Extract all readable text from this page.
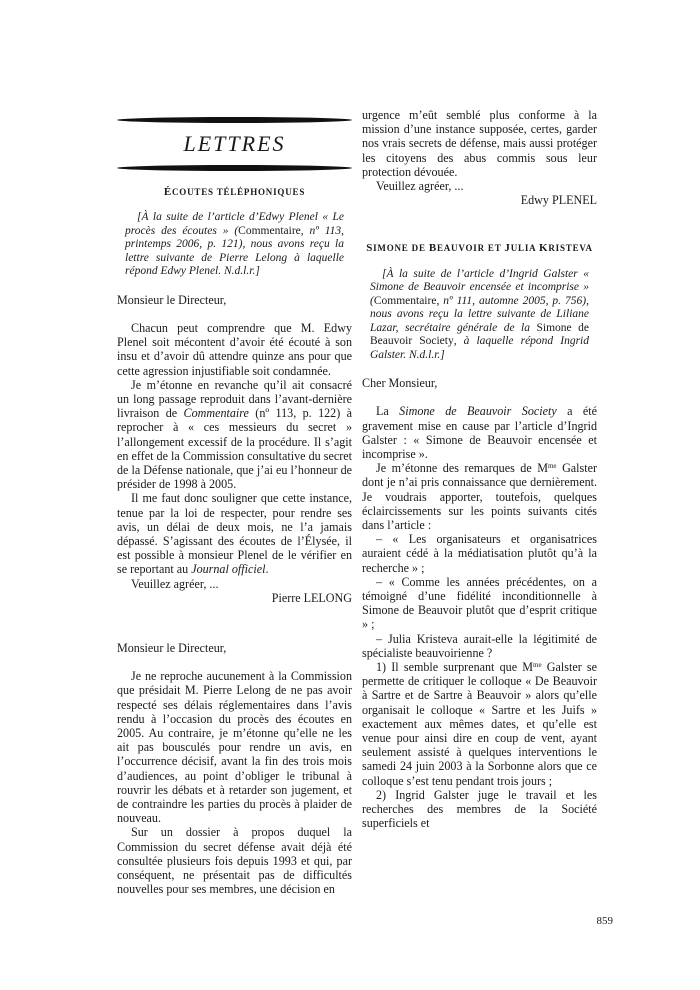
LETTRES
ÉCOUTES TÉLÉPHONIQUES

[À la suite de l’article d’Edwy Plenel « Le procès des écoutes » (Commentaire, nº 113, printemps 2006, p. 121), nous avons reçu la lettre suivante de Pierre Lelong à laquelle répond Edwy Plenel. N.d.l.r.]

Monsieur le Directeur,

Chacun peut comprendre que M. Edwy Plenel soit mécontent d’avoir été écouté à son insu et d’avoir dû attendre quinze ans pour que cette agression injustifiable soit condamnée.

Je m’étonne en revanche qu’il ait consacré un long passage reproduit dans l’avant-dernière livraison de Commentaire (nº 113, p. 122) à reprocher à « ces messieurs du secret » l’allongement excessif de la procédure. Il s’agit en effet de la Commission consultative du secret de la Défense nationale, que j’ai eu l’honneur de présider de 1998 à 2005.

Il me faut donc souligner que cette instance, tenue par la loi de respecter, pour rendre ses avis, un délai de deux mois, ne l’a jamais dépassé. S’agissant des écoutes de l’Élysée, il est possible à monsieur Plenel de le vérifier en se reportant au Journal officiel.

Veuillez agréer, ...

Pierre LELONG

Monsieur le Directeur,

Je ne reproche aucunement à la Commission que présidait M. Pierre Lelong de ne pas avoir respecté ses délais réglementaires dans l’avis rendu à l’occasion du procès des écoutes en 2005. Au contraire, je m’étonne qu’elle ne les ait pas bousculés pour rendre un avis, en l’occurrence décisif, avant la fin des trois mois d’audiences, au point d’obliger le tribunal à rouvrir les débats et à retarder son jugement, et de contraindre les parties du procès à plaider de nouveau.

Sur un dossier à propos duquel la Commission du secret défense avait déjà été consultée plusieurs fois depuis 1993 et qui, par conséquent, ne présentait pas de difficultés nouvelles pour ses membres, une décision en

urgence m’eût semblé plus conforme à la mission d’une instance supposée, certes, garder nos vrais secrets de défense, mais aussi protéger les citoyens des abus commis sous leur protection dévouée.

Veuillez agréer, ...

Edwy PLENEL

SIMONE DE BEAUVOIR ET JULIA KRISTEVA

[À la suite de l’article d’Ingrid Galster « Simone de Beauvoir encensée et incomprise » (Commentaire, nº 111, automne 2005, p. 756), nous avons reçu la lettre suivante de Liliane Lazar, secrétaire générale de la Simone de Beauvoir Society, à laquelle répond Ingrid Galster. N.d.l.r.]

Cher Monsieur,

La Simone de Beauvoir Society a été gravement mise en cause par l’article d’Ingrid Galster : « Simone de Beauvoir encensée et incomprise ».

Je m’étonne des remarques de $M^{me}$ Galster dont je n’ai pris connaissance que dernièrement. Je voudrais apporter, toutefois, quelques éclaircissements sur les points suivants cités dans l’article :

– « Les organisateurs et organisatrices auraient cédé à la médiatisation plutôt qu’à la recherche » ;

– « Comme les années précédentes, on a témoigné d’une fidélité inconditionnelle à Simone de Beauvoir plutôt que d’esprit critique » ;

– Julia Kristeva aurait-elle la légitimité de spécialiste beauvoirienne ?

1) Il semble surprenant que $M^{me}$ Galster se permette de critiquer le colloque « De Beauvoir à Sartre et de Sartre à Beauvoir » alors qu’elle organisait le colloque « Sartre et les Juifs » exactement aux mêmes dates, et qu’elle est venue pour ainsi dire en coup de vent, ayant seulement assisté à quelques interventions le samedi 24 juin 2003 à la Sorbonne alors que ce colloque s’est tenu pendant trois jours ;

2) Ingrid Galster juge le travail et les recherches des membres de la Société superficiels et

859
